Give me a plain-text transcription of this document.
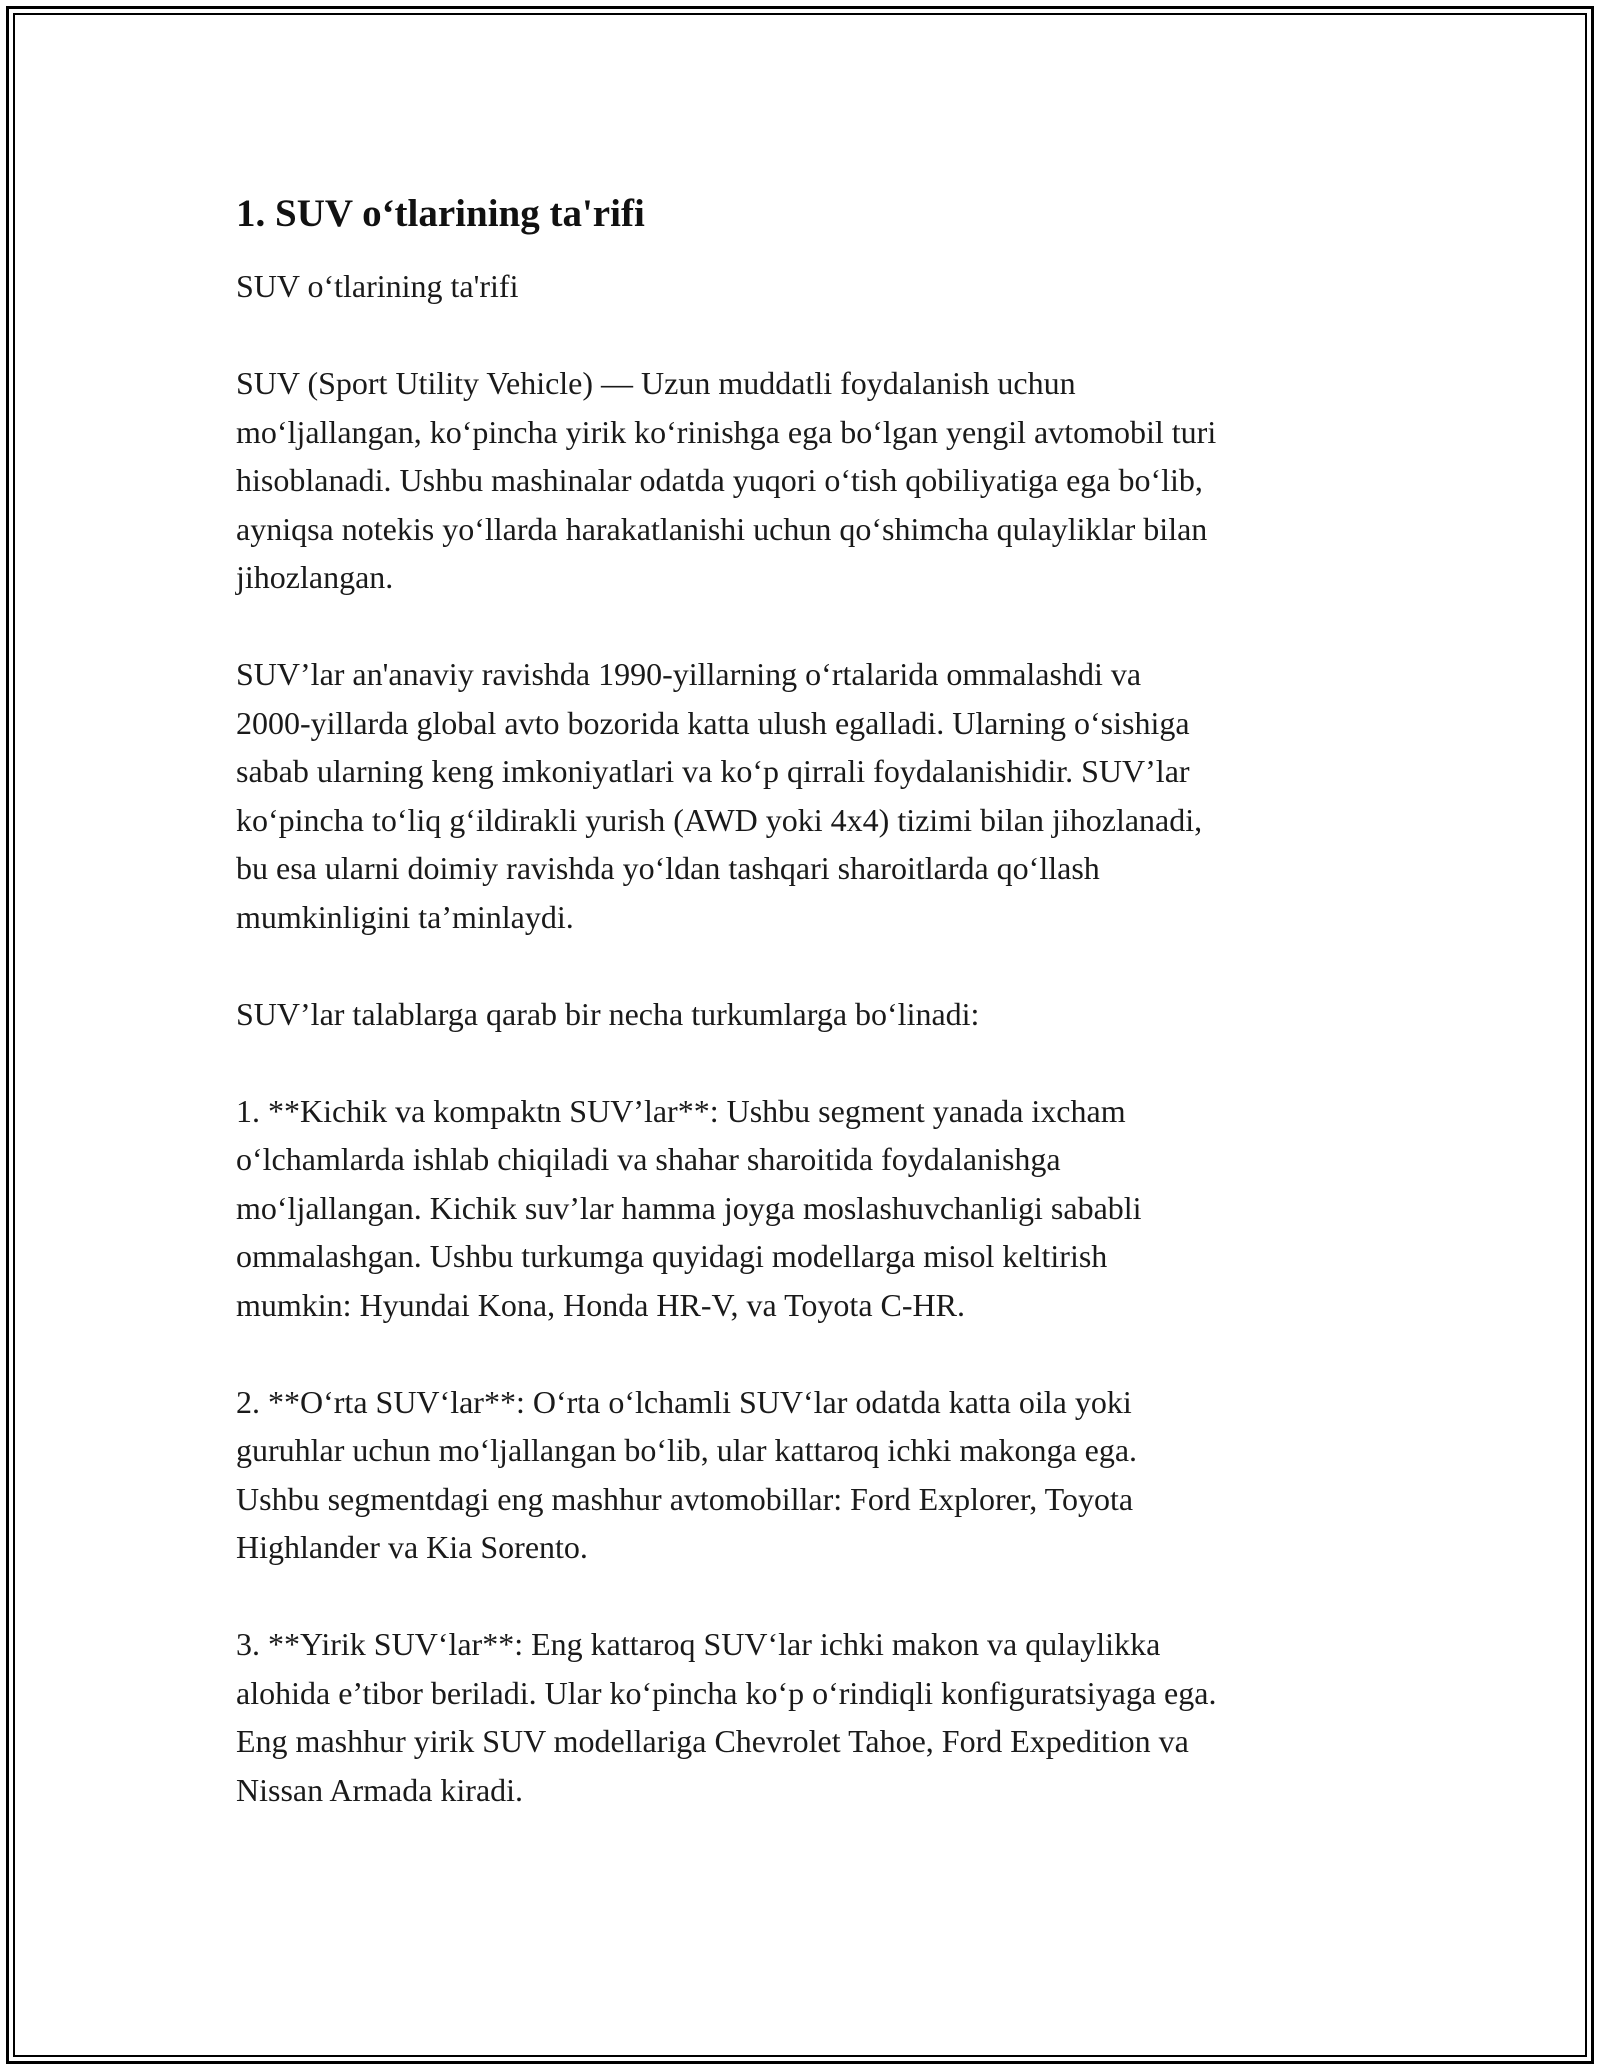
1. SUV o‘tlarining ta'rifi

SUV o‘tlarining ta'rifi

SUV (Sport Utility Vehicle) — Uzun muddatli foydalanish uchun
mo‘ljallangan, ko‘pincha yirik ko‘rinishga ega bo‘lgan yengil avtomobil turi
hisoblanadi. Ushbu mashinalar odatda yuqori o‘tish qobiliyatiga ega bo‘lib,
ayniqsa notekis yo‘llarda harakatlanishi uchun qo‘shimcha qulayliklar bilan
jihozlangan.

SUV’lar an'anaviy ravishda 1990-yillarning o‘rtalarida ommalashdi va
2000-yillarda global avto bozorida katta ulush egalladi. Ularning o‘sishiga
sabab ularning keng imkoniyatlari va ko‘p qirrali foydalanishidir. SUV’lar
ko‘pincha to‘liq g‘ildirakli yurish (AWD yoki 4x4) tizimi bilan jihozlanadi,
bu esa ularni doimiy ravishda yo‘ldan tashqari sharoitlarda qo‘llash
mumkinligini ta’minlaydi.

SUV’lar talablarga qarab bir necha turkumlarga bo‘linadi:

1. **Kichik va kompaktn SUV’lar**: Ushbu segment yanada ixcham
o‘lchamlarda ishlab chiqiladi va shahar sharoitida foydalanishga
mo‘ljallangan. Kichik suv’lar hamma joyga moslashuvchanligi sababli
ommalashgan. Ushbu turkumga quyidagi modellarga misol keltirish
mumkin: Hyundai Kona, Honda HR-V, va Toyota C-HR.

2. **O‘rta SUV‘lar**: O‘rta o‘lchamli SUV‘lar odatda katta oila yoki
guruhlar uchun mo‘ljallangan bo‘lib, ular kattaroq ichki makonga ega.
Ushbu segmentdagi eng mashhur avtomobillar: Ford Explorer, Toyota
Highlander va Kia Sorento.

3. **Yirik SUV‘lar**: Eng kattaroq SUV‘lar ichki makon va qulaylikka
alohida e’tibor beriladi. Ular ko‘pincha ko‘p o‘rindiqli konfiguratsiyaga ega.
Eng mashhur yirik SUV modellariga Chevrolet Tahoe, Ford Expedition va
Nissan Armada kiradi.
